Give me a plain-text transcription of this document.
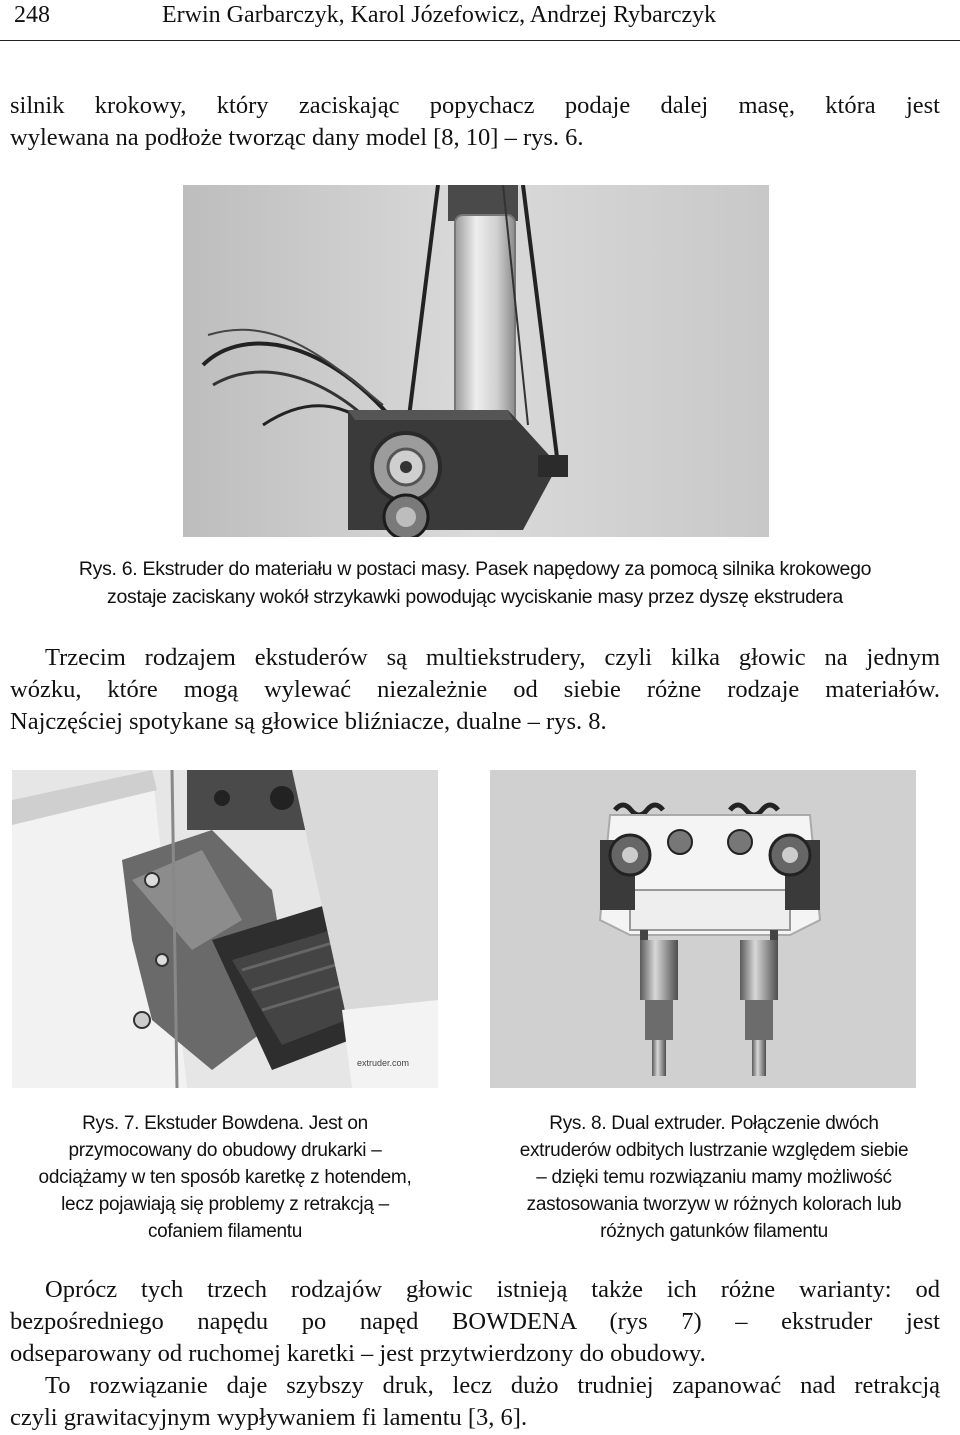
248	Erwin Garbarczyk, Karol Józefowicz, Andrzej Rybarczyk
silnik krokowy, który zaciskając popychacz podaje dalej masę, która jest
wylewana na podłoże tworząc dany model [8, 10] – rys. 6.
Rys. 6. Ekstruder do materiału w postaci masy. Pasek napędowy za pomocą silnika krokowego
zostaje zaciskany wokół strzykawki powodując wyciskanie masy przez dyszę ekstrudera
Trzecim rodzajem ekstuderów są multiekstrudery, czyli kilka głowic na jednym
wózku, które mogą wylewać niezależnie od siebie różne rodzaje materiałów.
Najczęściej spotykane są głowice bliźniacze, dualne – rys. 8.
extruder.com
Rys. 7. Ekstuder Bowdena. Jest on
przymocowany do obudowy drukarki –
odciążamy w ten sposób karetkę z hotendem,
lecz pojawiają się problemy z retrakcją –
cofaniem filamentu
Rys. 8. Dual extruder. Połączenie dwóch
extruderów odbitych lustrzanie względem siebie
– dzięki temu rozwiązaniu mamy możliwość
zastosowania tworzyw w różnych kolorach lub
różnych gatunków filamentu
Oprócz tych trzech rodzajów głowic istnieją także ich różne warianty: od
bezpośredniego napędu po napęd BOWDENA (rys 7) – ekstruder jest
odseparowany od ruchomej karetki – jest przytwierdzony do obudowy.
To rozwiązanie daje szybszy druk, lecz dużo trudniej zapanować nad retrakcją
czyli grawitacyjnym wypływaniem fi lamentu [3, 6].
